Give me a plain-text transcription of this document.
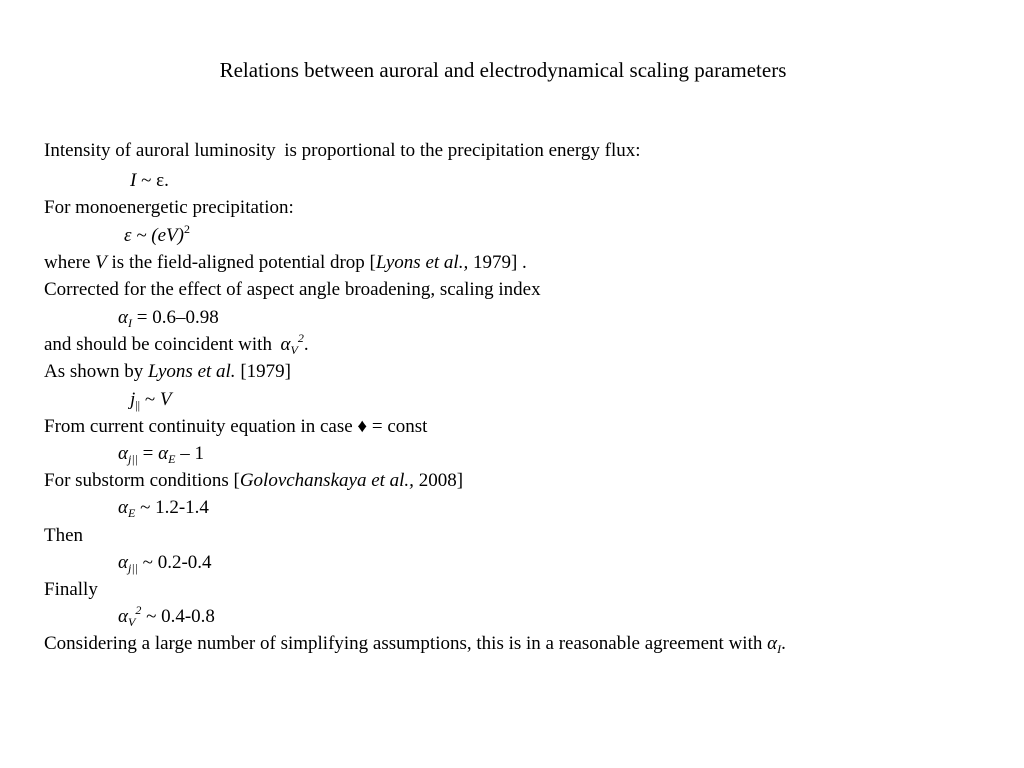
Relations between auroral and electrodynamical scaling parameters
Intensity of auroral luminosity  is proportional to the precipitation energy flux:
I ~ ε.
For monoenergetic precipitation:
ε ~ (eV)$^2$
where V is the field-aligned potential drop [Lyons et al., 1979] .
Corrected for the effect of aspect angle broadening, scaling index
$\alpha_I = 0.6-0.98$
and should be coincident with  $\alpha_V^2$.
As shown by Lyons et al. [1979]
$j_{||}$ ~ V
From current continuity equation in case ♦ = const
$\alpha_{j||} = \alpha_E - 1$
For substorm conditions [Golovchanskaya et al., 2008]
$\alpha_E$ ~ 1.2-1.4
Then
$\alpha_{j||}$ ~ 0.2-0.4
Finally
$\alpha_V^2$ ~ 0.4-0.8
Considering a large number of simplifying assumptions, this is in a reasonable agreement with $\alpha_I$.
